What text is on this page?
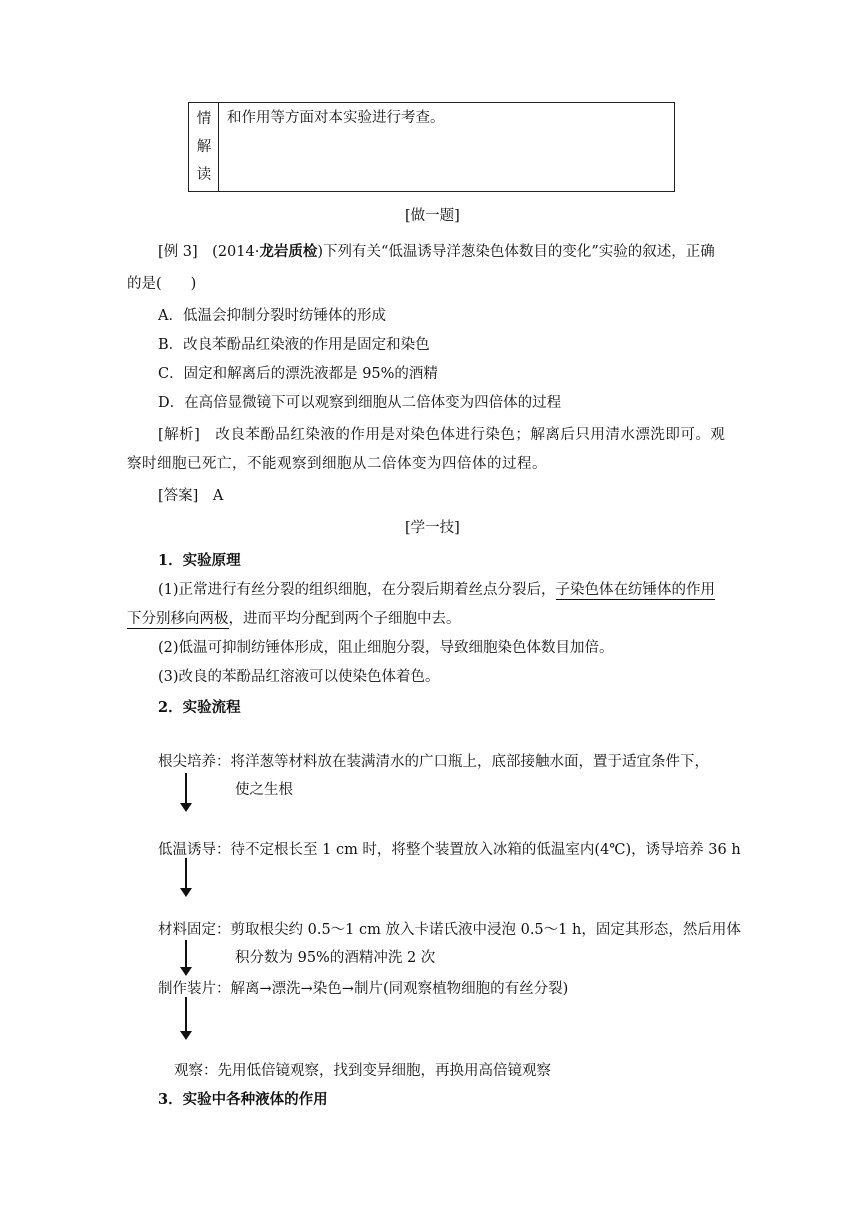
情
解
读
和作用等方面对本实验进行考查。
[做一题]
[例 3]  (2014·龙岩质检)下列有关“低温诱导洋葱染色体数目的变化”实验的叙述，正确
的是(　　)
A．低温会抑制分裂时纺锤体的形成
B．改良苯酚品红染液的作用是固定和染色
C．固定和解离后的漂洗液都是 95%的酒精
D．在高倍显微镜下可以观察到细胞从二倍体变为四倍体的过程
[解析]  改良苯酚品红染液的作用是对染色体进行染色；解离后只用清水漂洗即可。观
察时细胞已死亡，不能观察到细胞从二倍体变为四倍体的过程。
[答案]  A
[学一技]
1．实验原理
(1)正常进行有丝分裂的组织细胞，在分裂后期着丝点分裂后，子染色体在纺锤体的作用
下分别移向两极，进而平均分配到两个子细胞中去。
(2)低温可抑制纺锤体形成，阻止细胞分裂，导致细胞染色体数目加倍。
(3)改良的苯酚品红溶液可以使染色体着色。
2．实验流程
根尖培养：将洋葱等材料放在装满清水的广口瓶上，底部接触水面，置于适宜条件下，
使之生根
低温诱导：待不定根长至 1 cm 时，将整个装置放入冰箱的低温室内(4℃)，诱导培养 36 h
材料固定：剪取根尖约 0.5～1 cm 放入卡诺氏液中浸泡 0.5～1 h，固定其形态，然后用体
积分数为 95%的酒精冲洗 2 次
制作装片：解离→漂洗→染色→制片(同观察植物细胞的有丝分裂)
观察：先用低倍镜观察，找到变异细胞，再换用高倍镜观察
3．实验中各种液体的作用
